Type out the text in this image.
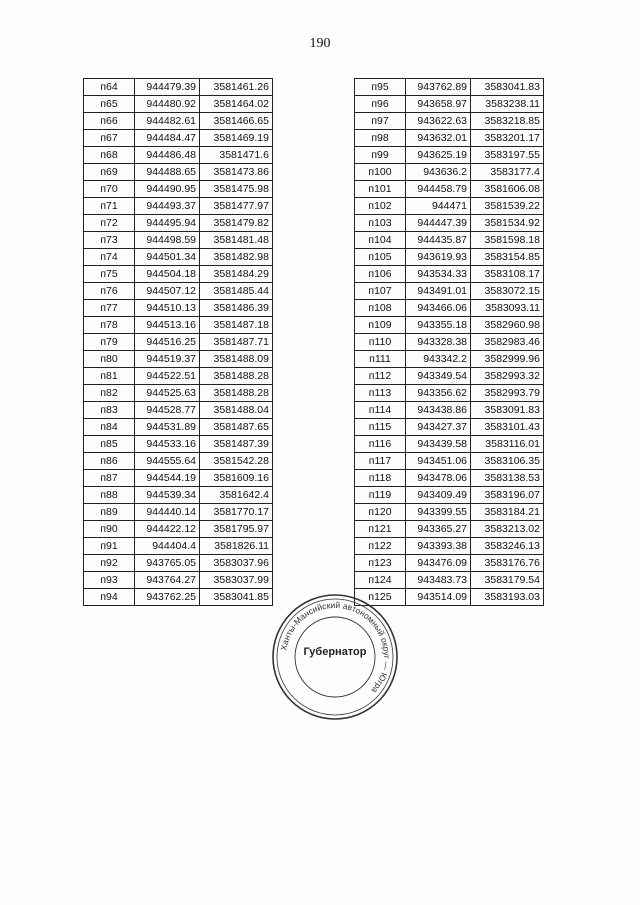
190
п64	944479.39	3581461.26
п65	944480.92	3581464.02
п66	944482.61	3581466.65
п67	944484.47	3581469.19
п68	944486.48	3581471.6
п69	944488.65	3581473.86
п70	944490.95	3581475.98
п71	944493.37	3581477.97
п72	944495.94	3581479.82
п73	944498.59	3581481.48
п74	944501.34	3581482.98
п75	944504.18	3581484.29
п76	944507.12	3581485.44
п77	944510.13	3581486.39
п78	944513.16	3581487.18
п79	944516.25	3581487.71
п80	944519.37	3581488.09
п81	944522.51	3581488.28
п82	944525.63	3581488.28
п83	944528.77	3581488.04
п84	944531.89	3581487.65
п85	944533.16	3581487.39
п86	944555.64	3581542.28
п87	944544.19	3581609.16
п88	944539.34	3581642.4
п89	944440.14	3581770.17
п90	944422.12	3581795.97
п91	944404.4	3581826.11
п92	943765.05	3583037.96
п93	943764.27	3583037.99
п94	943762.25	3583041.85
п95	943762.89	3583041.83
п96	943658.97	3583238.11
п97	943622.63	3583218.85
п98	943632.01	3583201.17
п99	943625.19	3583197.55
п100	943636.2	3583177.4
п101	944458.79	3581606.08
п102	944471	3581539.22
п103	944447.39	3581534.92
п104	944435.87	3581598.18
п105	943619.93	3583154.85
п106	943534.33	3583108.17
п107	943491.01	3583072.15
п108	943466.06	3583093.11
п109	943355.18	3582960.98
п110	943328.38	3582983.46
п111	943342.2	3582999.96
п112	943349.54	3582993.32
п113	943356.62	3582993.79
п114	943438.86	3583091.83
п115	943427.37	3583101.43
п116	943439.58	3583116.01
п117	943451.06	3583106.35
п118	943478.06	3583138.53
п119	943409.49	3583196.07
п120	943399.55	3583184.21
п121	943365.27	3583213.02
п122	943393.38	3583246.13
п123	943476.09	3583176.76
п124	943483.73	3583179.54
п125	943514.09	3583193.03
Ханты-Мансийский автономный округ — Югра
Губернатор
